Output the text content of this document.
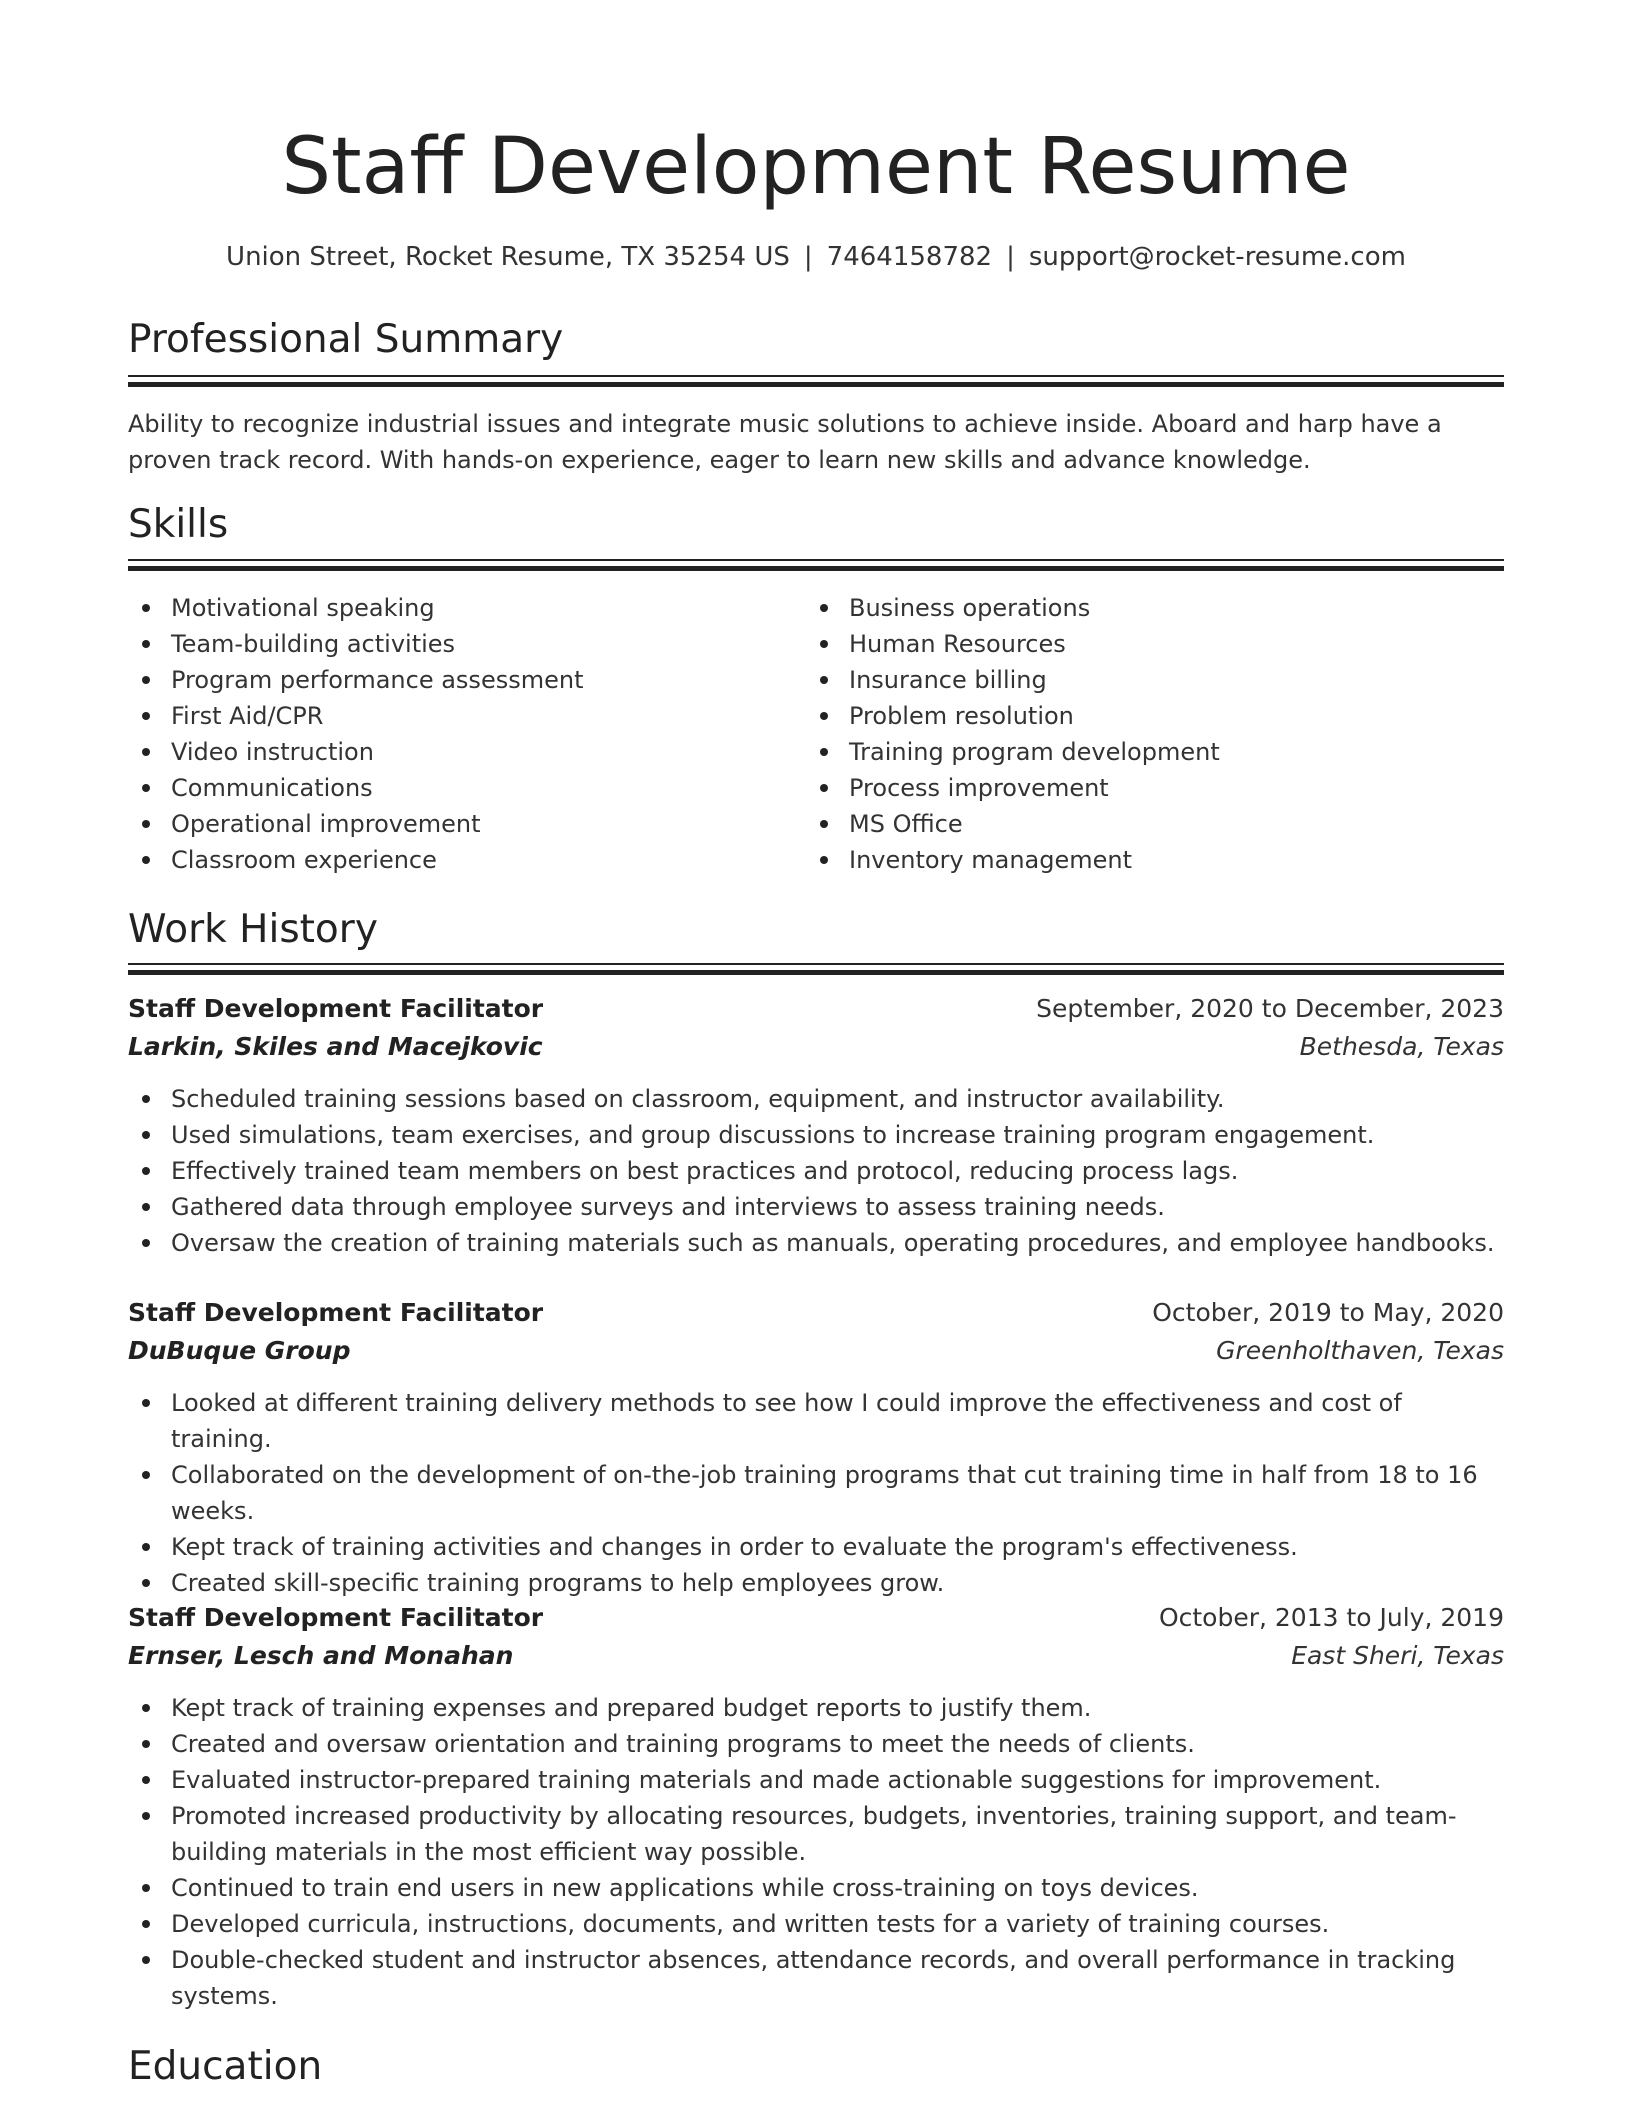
Staff Development Resume
Union Street, Rocket Resume, TX 35254 US | 7464158782 | support@rocket-resume.com
Professional Summary

Ability to recognize industrial issues and integrate music solutions to achieve inside. Aboard and harp have a proven track record. With hands-on experience, eager to learn new skills and advance knowledge.

Skills
Motivational speaking
Team-building activities
Program performance assessment
First Aid/CPR
Video instruction
Communications
Operational improvement
Classroom experience
Business operations
Human Resources
Insurance billing
Problem resolution
Training program development
Process improvement
MS Office
Inventory management
Work History
Staff Development Facilitator	September, 2020 to December, 2023
Larkin, Skiles and Macejkovic	Bethesda, Texas
Scheduled training sessions based on classroom, equipment, and instructor availability.
Used simulations, team exercises, and group discussions to increase training program engagement.
Effectively trained team members on best practices and protocol, reducing process lags.
Gathered data through employee surveys and interviews to assess training needs.
Oversaw the creation of training materials such as manuals, operating procedures, and employee handbooks.
Staff Development Facilitator	October, 2019 to May, 2020
DuBuque Group	Greenholthaven, Texas
Looked at different training delivery methods to see how I could improve the effectiveness and cost of training.
Collaborated on the development of on-the-job training programs that cut training time in half from 18 to 16 weeks.
Kept track of training activities and changes in order to evaluate the program's effectiveness.
Created skill-specific training programs to help employees grow.
Staff Development Facilitator	October, 2013 to July, 2019
Ernser, Lesch and Monahan	East Sheri, Texas
Kept track of training expenses and prepared budget reports to justify them.
Created and oversaw orientation and training programs to meet the needs of clients.
Evaluated instructor-prepared training materials and made actionable suggestions for improvement.
Promoted increased productivity by allocating resources, budgets, inventories, training support, and team-building materials in the most efficient way possible.
Continued to train end users in new applications while cross-training on toys devices.
Developed curricula, instructions, documents, and written tests for a variety of training courses.
Double-checked student and instructor absences, attendance records, and overall performance in tracking systems.
Education
